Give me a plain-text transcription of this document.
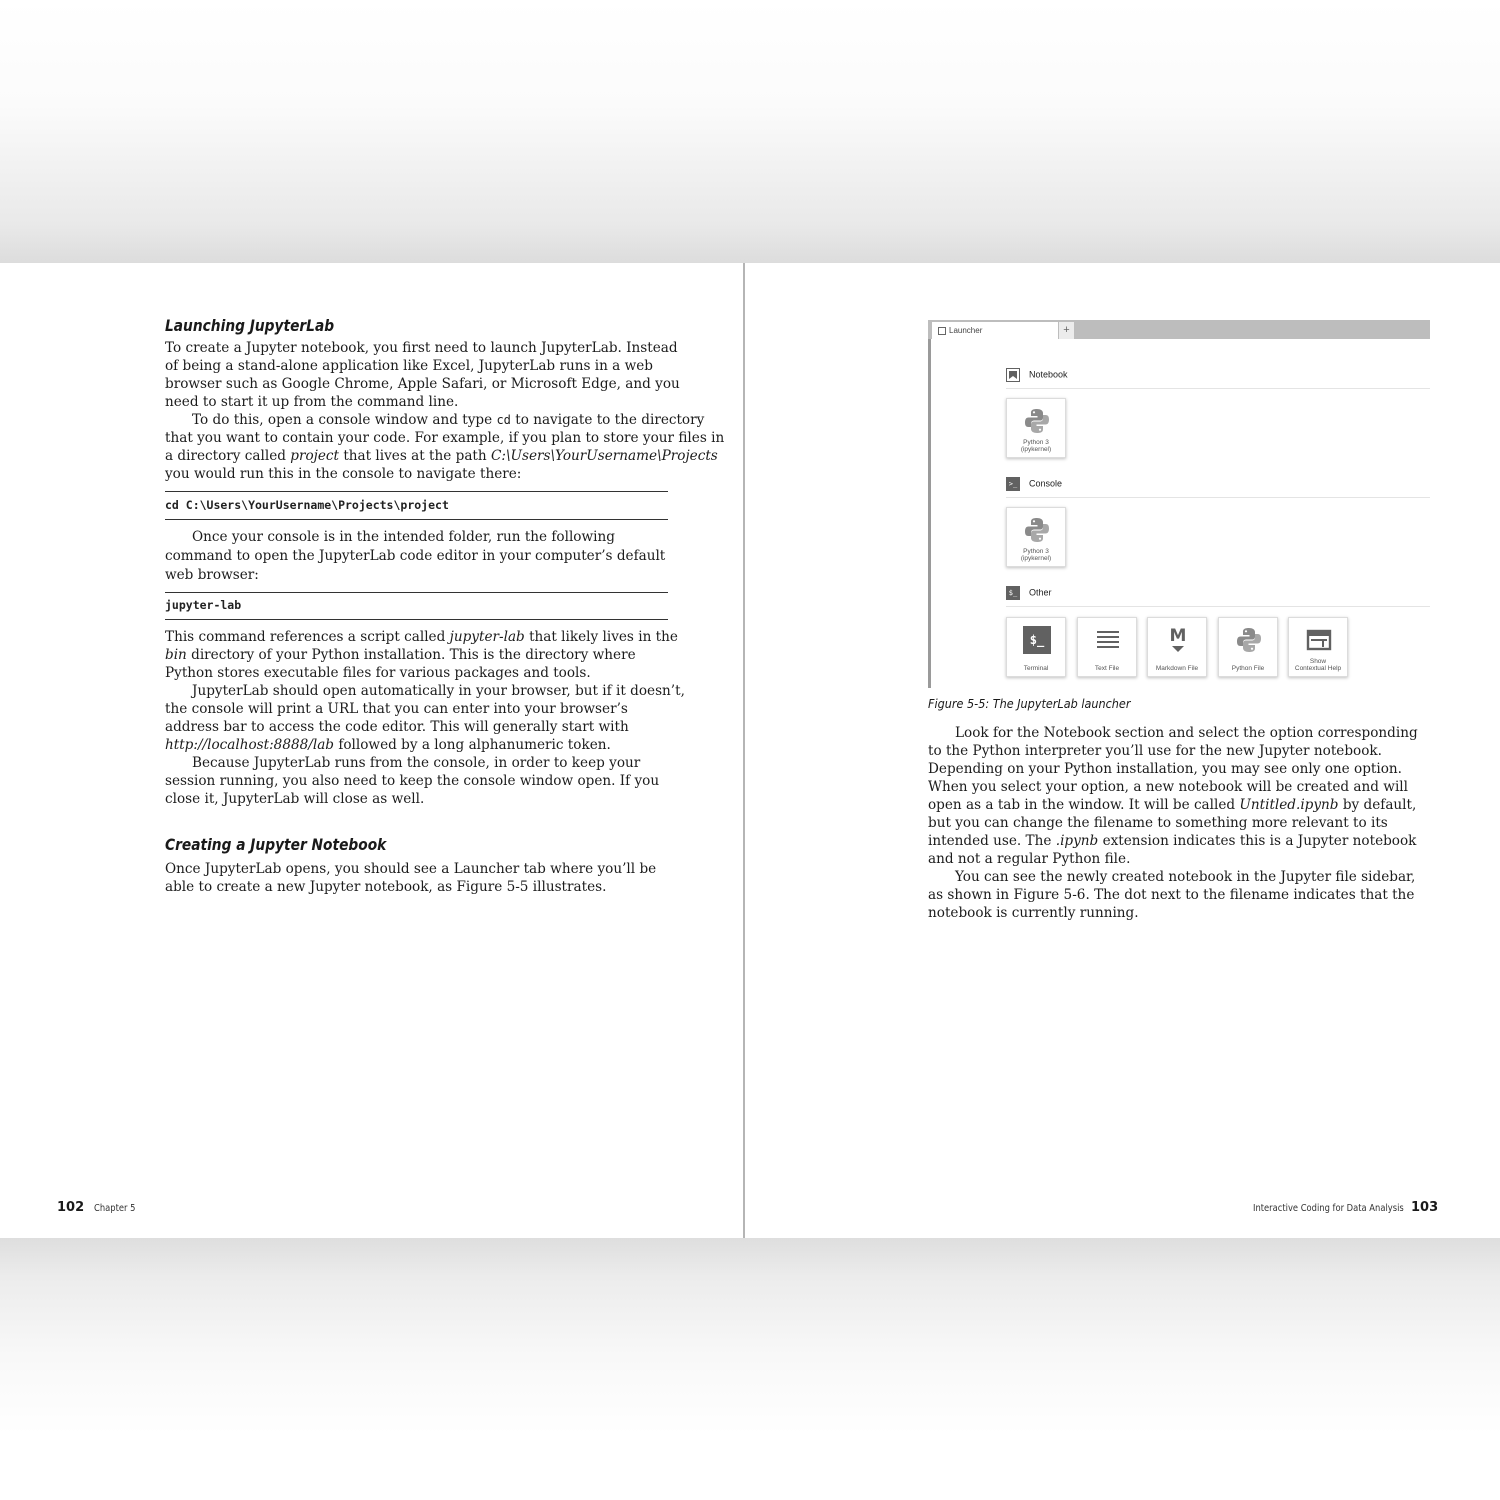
Launching JupyterLab

To create a Jupyter notebook, you first need to launch JupyterLab. Instead of being a stand-alone application like Excel, JupyterLab runs in a web browser such as Google Chrome, Apple Safari, or Microsoft Edge, and you need to start it up from the command line.

To do this, open a console window and type cd to navigate to the directory that you want to contain your code. For example, if you plan to store your files in a directory called project that lives at the path C:\Users\YourUsername\Projects you would run this in the console to navigate there:

cd C:\Users\YourUsername\Projects\project

Once your console is in the intended folder, run the following command to open the JupyterLab code editor in your computer’s default web browser:

jupyter-lab

This command references a script called jupyter-lab that likely lives in the bin directory of your Python installation. This is the directory where Python stores executable files for various packages and tools.

JupyterLab should open automatically in your browser, but if it doesn’t, the console will print a URL that you can enter into your browser’s address bar to access the code editor. This will generally start with http://localhost:8888/lab followed by a long alphanumeric token.

Because JupyterLab runs from the console, in order to keep your session running, you also need to keep the console window open. If you close it, JupyterLab will close as well.

Creating a Jupyter Notebook

Once JupyterLab opens, you should see a Launcher tab where you’ll be able to create a new Jupyter notebook, as Figure 5-5 illustrates.

102 Chapter 5
Launcher	+
Notebook
Python 3
(ipykernel)
>_ Console
Python 3
(ipykernel)
$_ Other
$_
Terminal	Text File
M
Markdown File	Python File
Show
Contextual Help
Figure 5-5: The JupyterLab launcher

Look for the Notebook section and select the option corresponding to the Python interpreter you’ll use for the new Jupyter notebook. Depending on your Python installation, you may see only one option. When you select your option, a new notebook will be created and will open as a tab in the window. It will be called Untitled.ipynb by default, but you can change the filename to something more relevant to its intended use. The .ipynb extension indicates this is a Jupyter notebook and not a regular Python file.

You can see the newly created notebook in the Jupyter file sidebar, as shown in Figure 5-6. The dot next to the filename indicates that the notebook is currently running.

Interactive Coding for Data Analysis 103
